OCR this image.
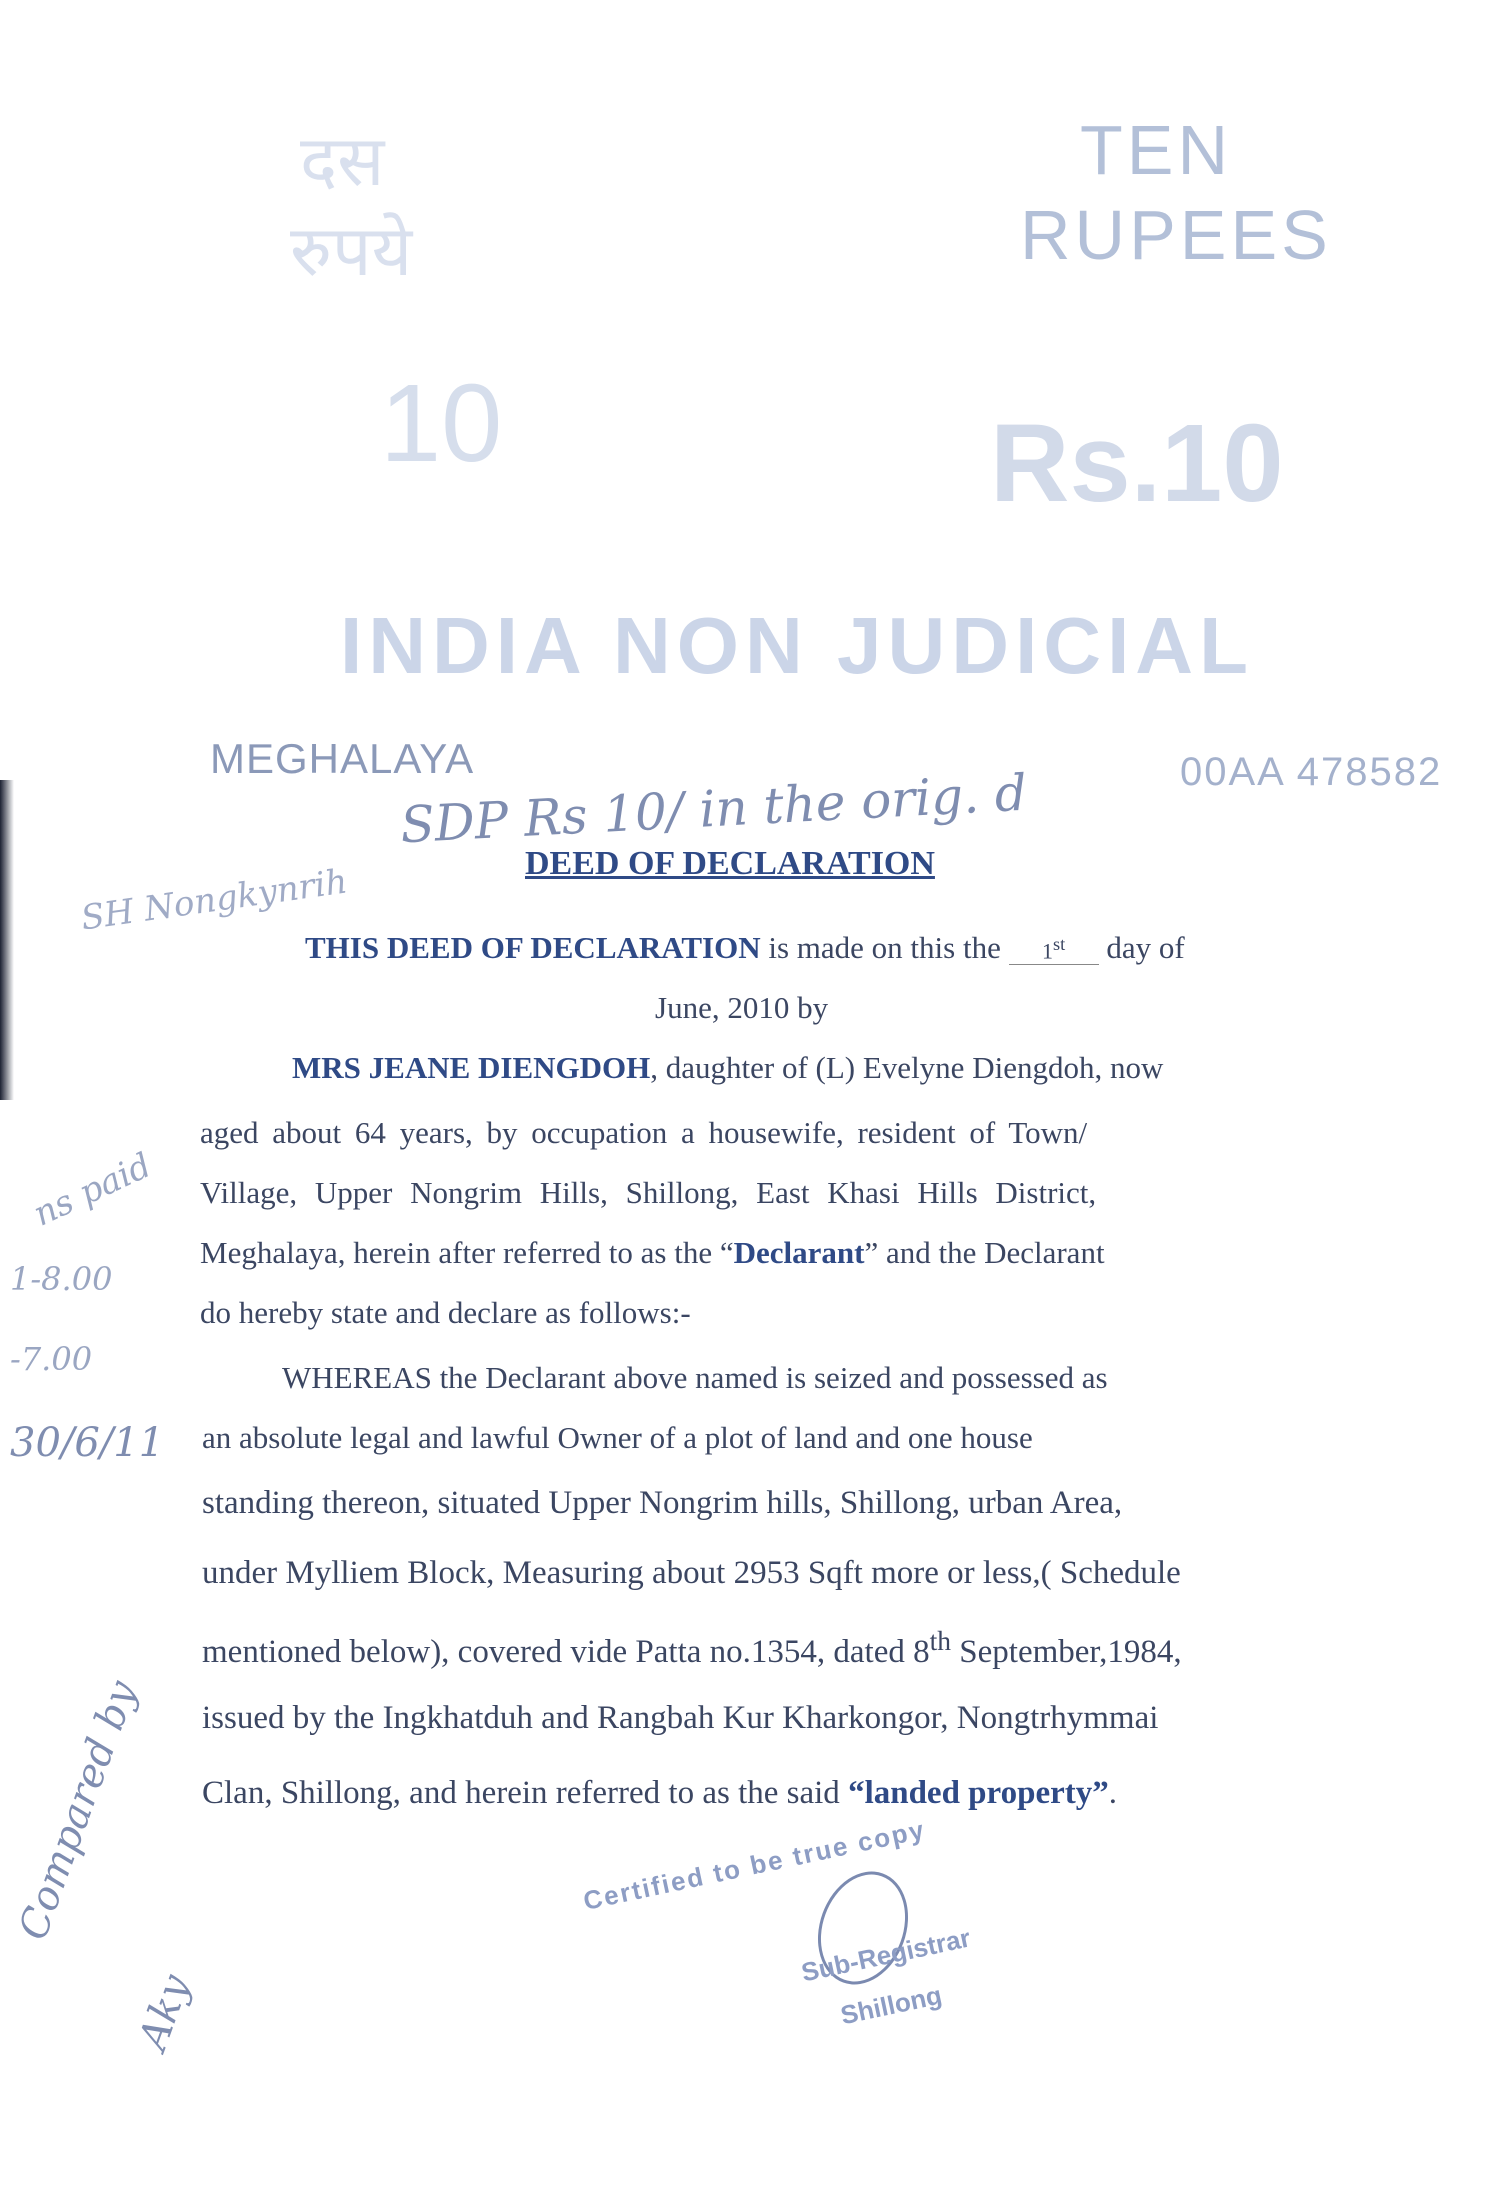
दस
रुपये
TEN
RUPEES
10	Rs.10
INDIA NON JUDICIAL
MEGHALAYA	00AA 478582
SDP Rs 10/ in the orig. d
SH Nongkynrih
ns paid
1-8.00
-7.00
30/6/11
Compared by
Aky
DEED OF DECLARATION
THIS DEED OF DECLARATION is made on this the 1st day of
June, 2010 by
MRS JEANE DIENGDOH, daughter of (L) Evelyne Diengdoh, now
aged about 64 years, by occupation a housewife, resident of Town/
Village, Upper Nongrim Hills, Shillong, East Khasi Hills District,
Meghalaya, herein after referred to as the “Declarant” and the Declarant
do hereby state and declare as follows:-
WHEREAS the Declarant above named is seized and possessed as
an absolute legal and lawful Owner of a plot of land and one house
standing thereon, situated Upper Nongrim hills, Shillong, urban Area,
under Mylliem Block, Measuring about 2953 Sqft more or less,( Schedule
mentioned below), covered vide Patta no.1354, dated 8th September,1984,
issued by the Ingkhatduh and Rangbah Kur Kharkongor, Nongtrhymmai
Clan, Shillong, and herein referred to as the said “landed property”.
Certified to be true copy
Sub-Registrar
Shillong
